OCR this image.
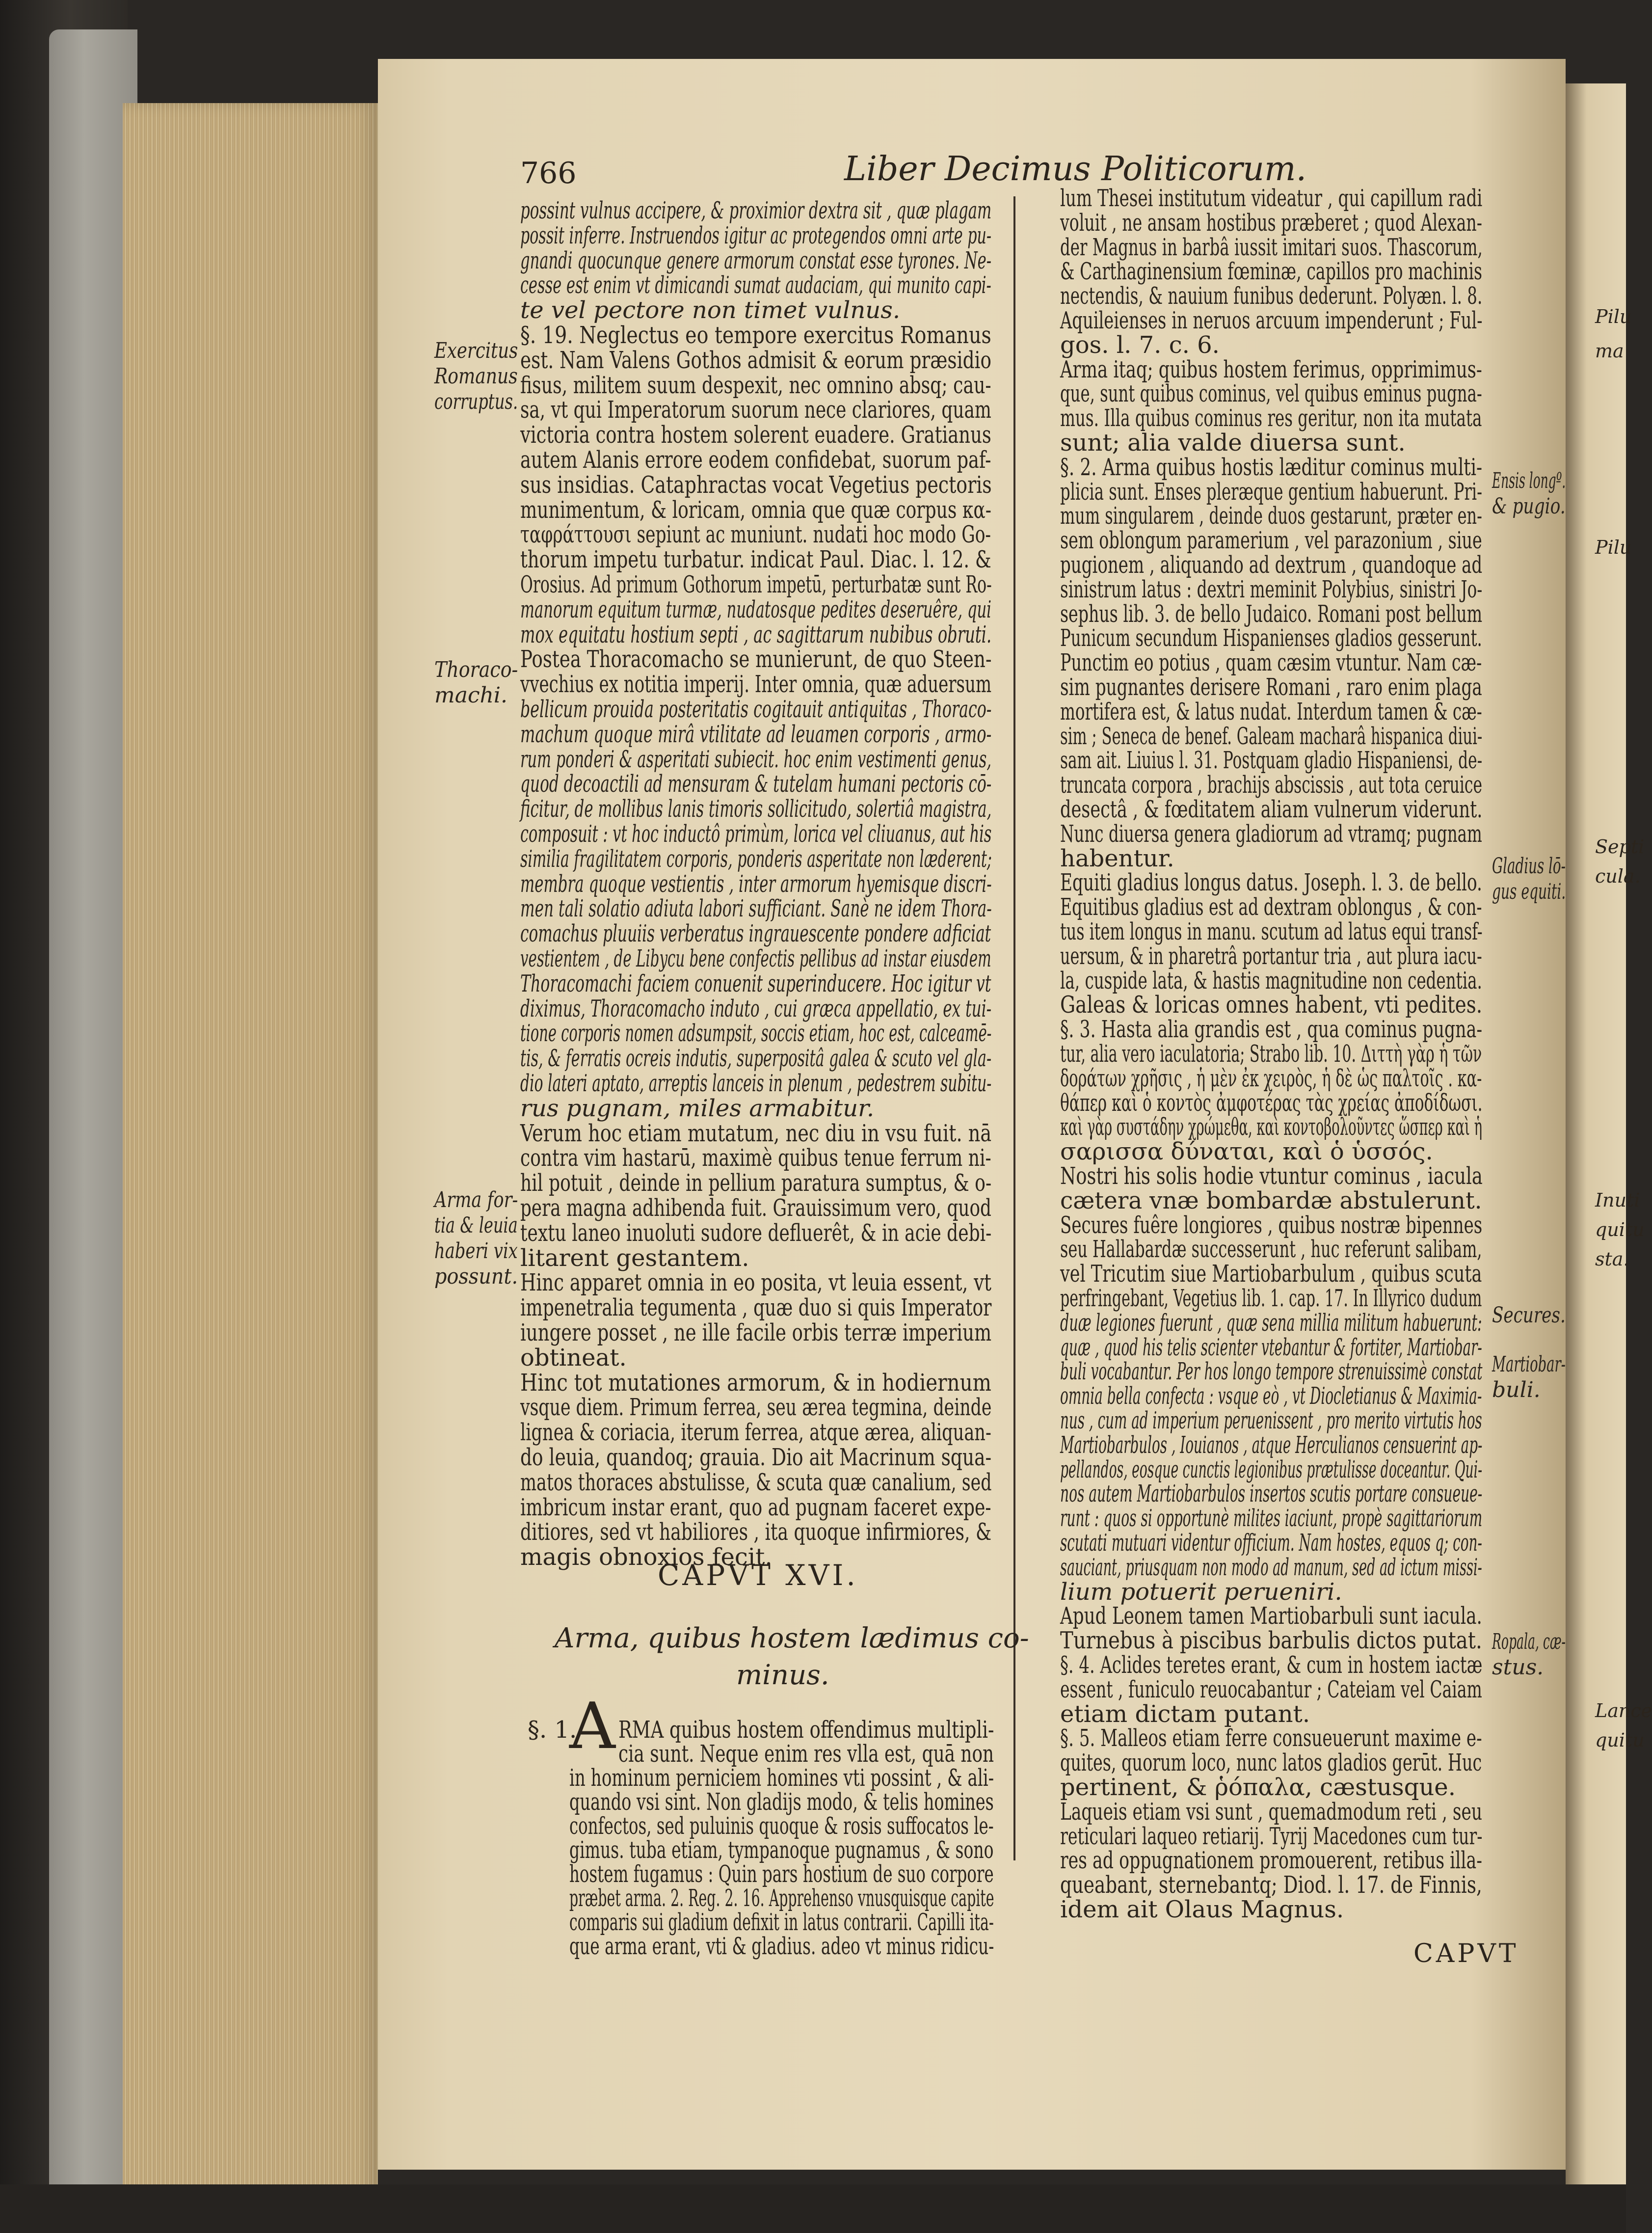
766	Liber Decimus Politicorum.
possint vulnus accipere, & proximior dextra sit , quæ plagam
possit inferre. Instruendos igitur ac protegendos omni arte pu-
gnandi quocunque genere armorum constat esse tyrones. Ne-
cesse est enim vt dimicandi sumat audaciam, qui munito capi-
te vel pectore non timet vulnus.
§. 19. Neglectus eo tempore exercitus Romanus
est. Nam Valens Gothos admisit & eorum præsidio
fisus, militem suum despexit, nec omnino absq; cau-
sa, vt qui Imperatorum suorum nece clariores, quam
victoria contra hostem solerent euadere. Gratianus
autem Alanis errore eodem confidebat, suorum paf-
sus insidias. Cataphractas vocat Vegetius pectoris
munimentum, & loricam, omnia que quæ corpus κα-
ταφράττουσι sepiunt ac muniunt. nudati hoc modo Go-
thorum impetu turbatur. indicat Paul. Diac. l. 12. &
Orosius. Ad primum Gothorum impetū, perturbatæ sunt Ro-
manorum equitum turmæ, nudatosque pedites deseruêre, qui
mox equitatu hostium septi , ac sagittarum nubibus obruti.
Postea Thoracomacho se munierunt, de quo Steen-
vvechius ex notitia imperij. Inter omnia, quæ aduersum
bellicum prouida posteritatis cogitauit antiquitas , Thoraco-
machum quoque mirâ vtilitate ad leuamen corporis , armo-
rum ponderi & asperitati subiecit. hoc enim vestimenti genus,
quod decoactili ad mensuram & tutelam humani pectoris cō-
ficitur, de mollibus lanis timoris sollicitudo, solertiâ magistra,
composuit : vt hoc inductô primùm, lorica vel cliuanus, aut his
similia fragilitatem corporis, ponderis asperitate non læderent;
membra quoque vestientis , inter armorum hyemisque discri-
men tali solatio adiuta labori sufficiant. Sanè ne idem Thora-
comachus pluuiis verberatus ingrauescente pondere adficiat
vestientem , de Libycu bene confectis pellibus ad instar eiusdem
Thoracomachi faciem conuenit superinducere. Hoc igitur vt
diximus, Thoracomacho induto , cui græca appellatio, ex tui-
tione corporis nomen adsumpsit, soccis etiam, hoc est, calceamē-
tis, & ferratis ocreis indutis, superpositâ galea & scuto vel gla-
dio lateri aptato, arreptis lanceis in plenum , pedestrem subitu-
rus pugnam, miles armabitur.
Verum hoc etiam mutatum, nec diu in vsu fuit. nā
contra vim hastarū, maximè quibus tenue ferrum ni-
hil potuit , deinde in pellium paratura sumptus, & o-
pera magna adhibenda fuit. Grauissimum vero, quod
textu laneo inuoluti sudore defluerêt, & in acie debi-
litarent gestantem.
Hinc apparet omnia in eo posita, vt leuia essent, vt
impenetralia tegumenta , quæ duo si quis Imperator
iungere posset , ne ille facile orbis terræ imperium
obtineat.
Hinc tot mutationes armorum, & in hodiernum
vsque diem. Primum ferrea, seu ærea tegmina, deinde
lignea & coriacia, iterum ferrea, atque ærea, aliquan-
do leuia, quandoq; grauia. Dio ait Macrinum squa-
matos thoraces abstulisse, & scuta quæ canalium, sed
imbricum instar erant, quo ad pugnam faceret expe-
ditiores, sed vt habiliores , ita quoque infirmiores, &
magis obnoxios fecit.
RMA quibus hostem offendimus multipli-
cia sunt. Neque enim res vlla est, quā non
in hominum perniciem homines vti possint , & ali-
quando vsi sint. Non gladijs modo, & telis homines
confectos, sed puluinis quoque & rosis suffocatos le-
gimus. tuba etiam, tympanoque pugnamus , & sono
hostem fugamus : Quin pars hostium de suo corpore
præbet arma. 2. Reg. 2. 16. Apprehenso vnusquisque capite
comparis sui gladium defixit in latus contrarii. Capilli ita-
que arma erant, vti & gladius. adeo vt minus ridicu-
lum Thesei institutum videatur , qui capillum radi
voluit , ne ansam hostibus præberet ; quod Alexan-
der Magnus in barbâ iussit imitari suos. Thascorum,
& Carthaginensium fœminæ, capillos pro machinis
nectendis, & nauium funibus dederunt. Polyæn. l. 8.
Aquileienses in neruos arcuum impenderunt ; Ful-
gos. l. 7. c. 6.
Arma itaq; quibus hostem ferimus, opprimimus-
que, sunt quibus cominus, vel quibus eminus pugna-
mus. Illa quibus cominus res geritur, non ita mutata
sunt; alia valde diuersa sunt.
§. 2. Arma quibus hostis læditur cominus multi-
plicia sunt. Enses pleræque gentium habuerunt. Pri-
mum singularem , deinde duos gestarunt, præter en-
sem oblongum paramerium , vel parazonium , siue
pugionem , aliquando ad dextrum , quandoque ad
sinistrum latus : dextri meminit Polybius, sinistri Jo-
sephus lib. 3. de bello Judaico. Romani post bellum
Punicum secundum Hispanienses gladios gesserunt.
Punctim eo potius , quam cæsim vtuntur. Nam cæ-
sim pugnantes derisere Romani , raro enim plaga
mortifera est, & latus nudat. Interdum tamen & cæ-
sim ; Seneca de benef. Galeam macharâ hispanica diui-
sam ait. Liuius l. 31. Postquam gladio Hispaniensi, de-
truncata corpora , brachijs abscissis , aut tota ceruice
desectâ , & fœditatem aliam vulnerum viderunt.
Nunc diuersa genera gladiorum ad vtramq; pugnam
habentur.
Equiti gladius longus datus. Joseph. l. 3. de bello.
Equitibus gladius est ad dextram oblongus , & con-
tus item longus in manu. scutum ad latus equi transf-
uersum, & in pharetrâ portantur tria , aut plura iacu-
la, cuspide lata, & hastis magnitudine non cedentia.
Galeas & loricas omnes habent, vti pedites.
§. 3. Hasta alia grandis est , qua cominus pugna-
tur, alia vero iaculatoria; Strabo lib. 10. Διττὴ γὰρ ἡ τῶν
δοράτων χρῆσις , ἡ μὲν ἐκ χειρὸς, ἡ δὲ ὡς παλτοῖς . κα-
θάπερ καὶ ὁ κοντὸς ἀμφοτέρας τὰς χρείας ἀποδίδωσι.
καὶ γὰρ συστάδην χρώμεθα, καὶ κοντοβολοῦντες ὥσπερ καὶ ἡ
σαρισσα δύναται, καὶ ὁ ὑσσός.
Nostri his solis hodie vtuntur cominus , iacula
cætera vnæ bombardæ abstulerunt.
Secures fuêre longiores , quibus nostræ bipennes
seu Hallabardæ successerunt , huc referunt salibam,
vel Tricutim siue Martiobarbulum , quibus scuta
perfringebant, Vegetius lib. 1. cap. 17. In Illyrico dudum
duæ legiones fuerunt , quæ sena millia militum habuerunt:
quæ , quod his telis scienter vtebantur & fortiter, Martiobar-
buli vocabantur. Per hos longo tempore strenuissimè constat
omnia bella confecta : vsque eò , vt Diocletianus & Maximia-
nus , cum ad imperium peruenissent , pro merito virtutis hos
Martiobarbulos , Iouianos , atque Herculianos censuerint ap-
pellandos, eosque cunctis legionibus prætulisse doceantur. Qui-
nos autem Martiobarbulos insertos scutis portare consueue-
runt : quos si opportunè milites iaciunt, propè sagittariorum
scutati mutuari videntur officium. Nam hostes, equos q; con-
sauciant, priusquam non modo ad manum, sed ad ictum missi-
lium potuerit perueniri.
Apud Leonem tamen Martiobarbuli sunt iacula.
Turnebus à piscibus barbulis dictos putat.
§. 4. Aclides teretes erant, & cum in hostem iactæ
essent , funiculo reuocabantur ; Cateiam vel Caiam
etiam dictam putant.
§. 5. Malleos etiam ferre consueuerunt maxime e-
quites, quorum loco, nunc latos gladios gerūt. Huc
pertinent, & ῥόπαλα, cæstusque.
Laqueis etiam vsi sunt , quemadmodum reti , seu
reticulari laqueo retiarij. Tyrij Macedones cum tur-
res ad oppugnationem promouerent, retibus illa-
queabant, sternebantq; Diod. l. 17. de Finnis,
idem ait Olaus Magnus.
Exercitus
Romanus
corruptus.
Thoraco-
machi.
Arma for-
tia & leuia
haberi vix
possunt.
Ensis longº.
& pugio.
Gladius lō-
gus equiti.
Secures.
Martiobar-
buli.
Ropala, cæ-
stus.
Pilu
ma
Pilu
Septi
cula.
Inuti
quitu
sta.
Lance
quitu
CAPVT XVI.
Arma, quibus hostem lædimus co-
minus.
§. 1.
A
CAPVT
